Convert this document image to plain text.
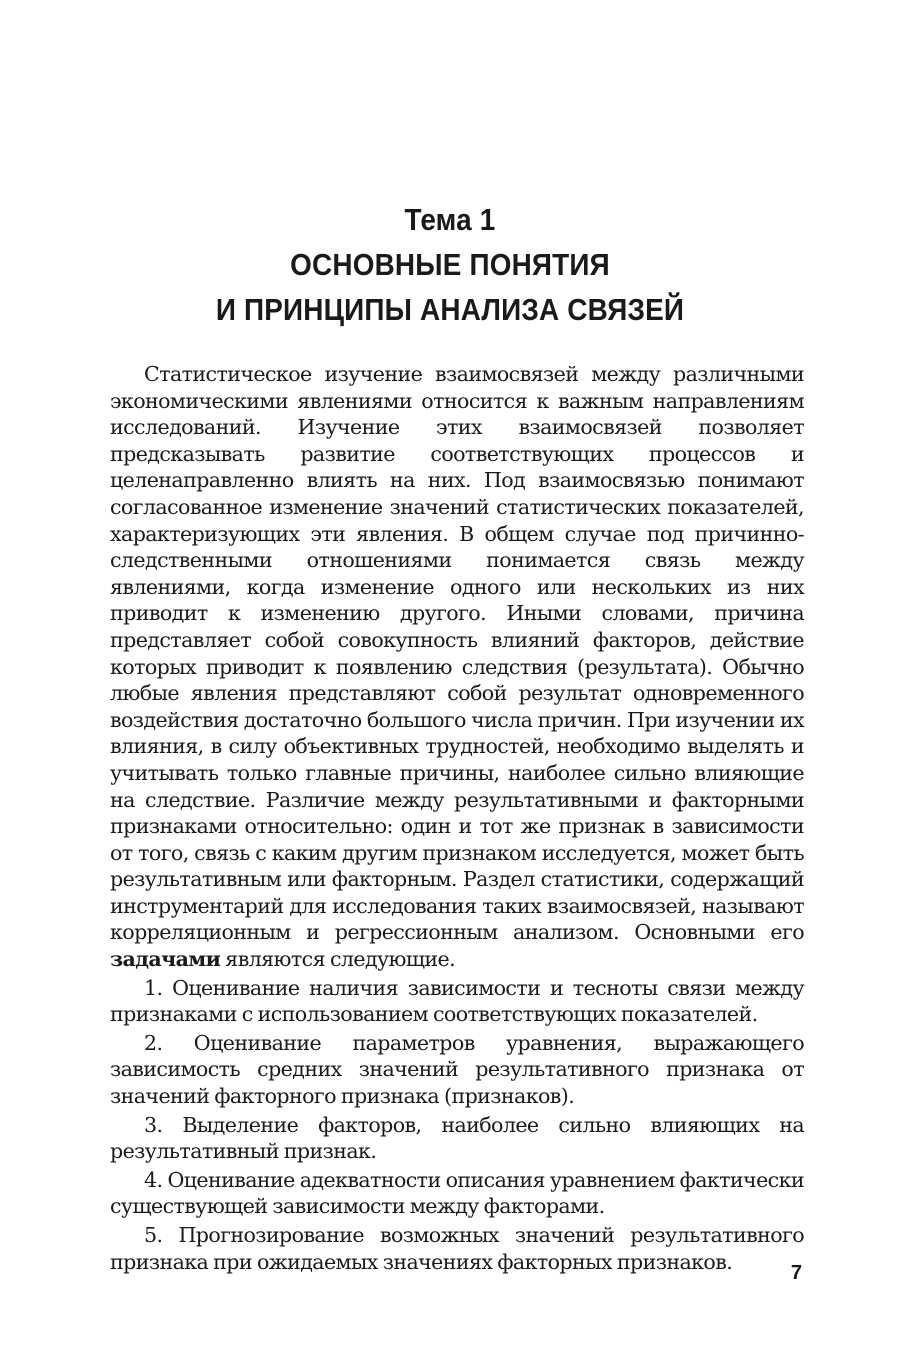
Тема 1
ОСНОВНЫЕ ПОНЯТИЯ
И ПРИНЦИПЫ АНАЛИЗА СВЯЗЕЙ

Статистическое изучение взаимосвязей между различными экономическими явлениями относится к важным направлениям исследований. Изучение этих взаимосвязей позволяет предсказывать развитие соответствующих процессов и целенаправленно влиять на них. Под взаимосвязью понимают согласованное изменение значений статистических показателей, характеризующих эти явления. В общем случае под причинно-следственными отношениями понимается связь между явлениями, когда изменение одного или нескольких из них приводит к изменению другого. Иными словами, причина представляет собой совокупность влияний факторов, действие которых приводит к появлению следствия (результата). Обычно любые явления представляют собой результат одновременного воздействия достаточно большого числа причин. При изучении их влияния, в силу объективных трудностей, необходимо выделять и учитывать только главные причины, наиболее сильно влияющие на следствие. Различие между результативными и факторными признаками относительно: один и тот же признак в зависимости от того, связь с каким другим признаком исследуется, может быть результативным или факторным. Раздел статистики, содержащий инструментарий для исследования таких взаимосвязей, называют корреляционным и регрессионным анализом. Основными его задачами являются следующие.

1. Оценивание наличия зависимости и тесноты связи между признаками с использованием соответствующих показателей.

2. Оценивание параметров уравнения, выражающего зависимость средних значений результативного признака от значений факторного признака (признаков).

3. Выделение факторов, наиболее сильно влияющих на результативный признак.

4. Оценивание адекватности описания уравнением фактически существующей зависимости между факторами.

5. Прогнозирование возможных значений результативного признака при ожидаемых значениях факторных признаков.	7
